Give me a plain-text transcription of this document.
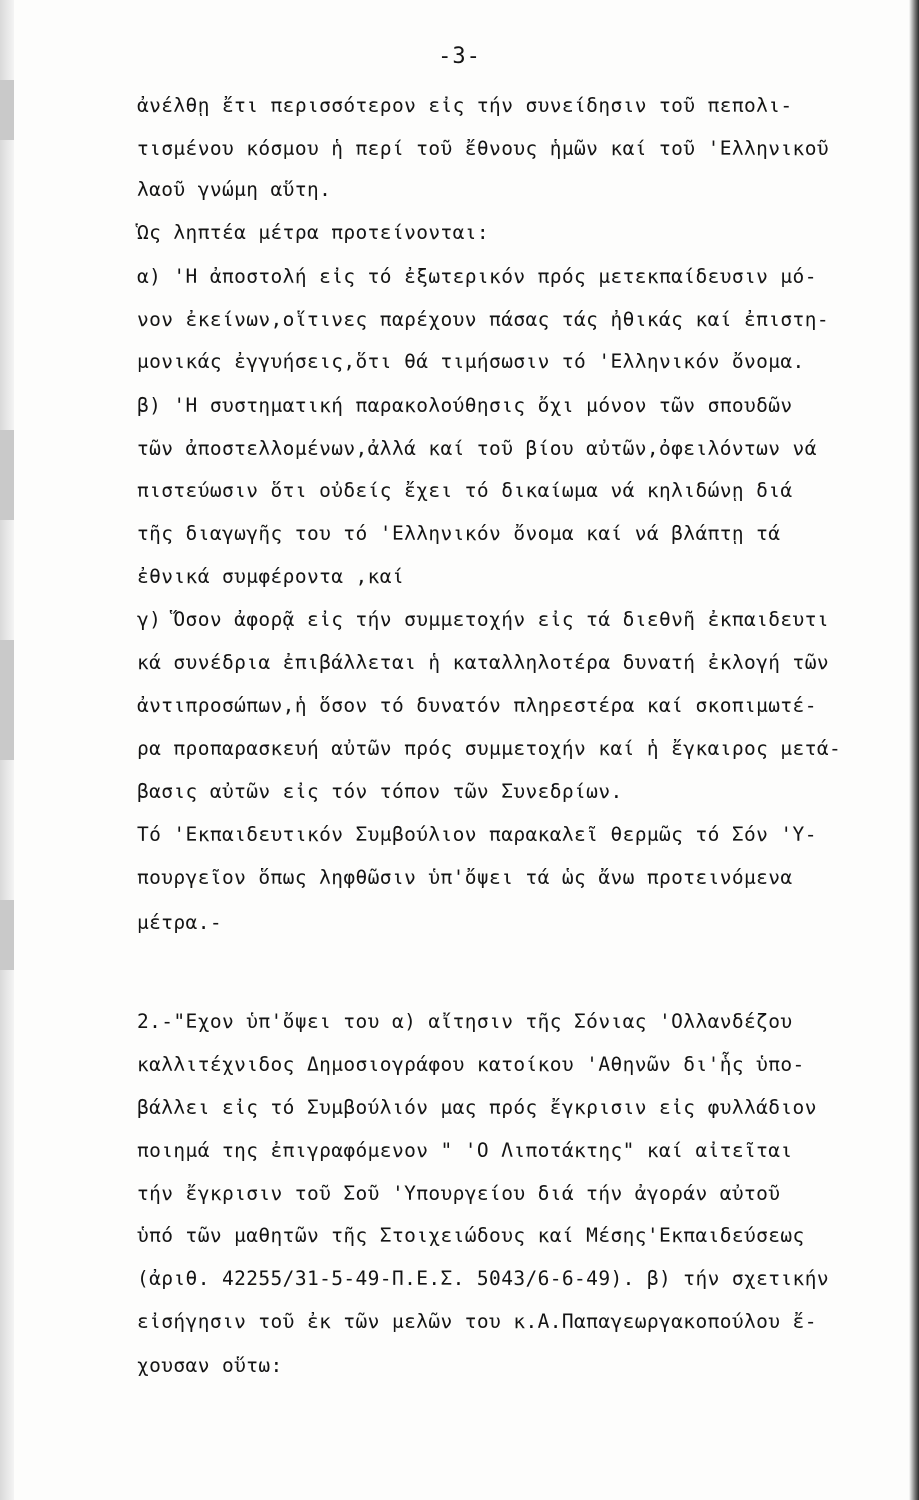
-3-
ἀνέλθῃ ἔτι περισσότερον εἰς τήν συνείδησιν τοῦ πεπολι-
τισμένου κόσμου ἡ περί τοῦ ἔθνους ἡμῶν καί τοῦ 'Ελληνικοῦ
λαοῦ γνώμη αὕτη.
Ὡς ληπτέα μέτρα προτείνονται:
α) 'Η ἀποστολή εἰς τό ἐξωτερικόν πρός μετεκπαίδευσιν μό-
νον ἐκείνων,οἵτινες παρέχουν πάσας τάς ἠθικάς καί ἐπιστη-
μονικάς ἐγγυήσεις,ὅτι θά τιμήσωσιν τό 'Ελληνικόν ὄνομα.
β) 'Η συστηματική παρακολούθησις ὄχι μόνον τῶν σπουδῶν
τῶν ἀποστελλομένων,ἀλλά καί τοῦ βίου αὐτῶν,ὀφειλόντων νά
πιστεύωσιν ὅτι οὐδείς ἔχει τό δικαίωμα νά κηλιδώνῃ διά
τῆς διαγωγῆς του τό 'Ελληνικόν ὄνομα καί νά βλάπτῃ τά
ἐθνικά συμφέροντα ,καί
γ) Ὅσον ἀφορᾷ εἰς τήν συμμετοχήν εἰς τά διεθνῆ ἐκπαιδευτι
κά συνέδρια ἐπιβάλλεται ἡ καταλληλοτέρα δυνατή ἐκλογή τῶν
ἀντιπροσώπων,ἡ ὅσον τό δυνατόν πληρεστέρα καί σκοπιμωτέ-
ρα προπαρασκευή αὐτῶν πρός συμμετοχήν καί ἡ ἔγκαιρος μετά-
βασις αὐτῶν εἰς τόν τόπον τῶν Συνεδρίων.
Τό 'Εκπαιδευτικόν Συμβούλιον παρακαλεῖ θερμῶς τό Σόν 'Υ-
πουργεῖον ὅπως ληφθῶσιν ὑπ'ὄψει τά ὡς ἄνω προτεινόμενα
μέτρα.-
2.-"Εχον ὑπ'ὄψει του α) αἴτησιν τῆς Σόνιας 'Ολλανδέζου
καλλιτέχνιδος Δημοσιογράφου κατοίκου 'Αθηνῶν δι'ἧς ὑπο-
βάλλει εἰς τό Συμβούλιόν μας πρός ἔγκρισιν εἰς φυλλάδιον
ποιημά της ἐπιγραφόμενον " 'Ο Λιποτάκτης" καί αἰτεῖται
τήν ἔγκρισιν τοῦ Σοῦ 'Υπουργείου διά τήν ἀγοράν αὐτοῦ
ὑπό τῶν μαθητῶν τῆς Στοιχειώδους καί Μέσης'Εκπαιδεύσεως
(ἀριθ. 42255/31-5-49-Π.Ε.Σ. 5043/6-6-49). β) τήν σχετικήν
εἰσήγησιν τοῦ ἐκ τῶν μελῶν του κ.Α.Παπαγεωργακοπούλου ἔ-
χουσαν οὕτω:
